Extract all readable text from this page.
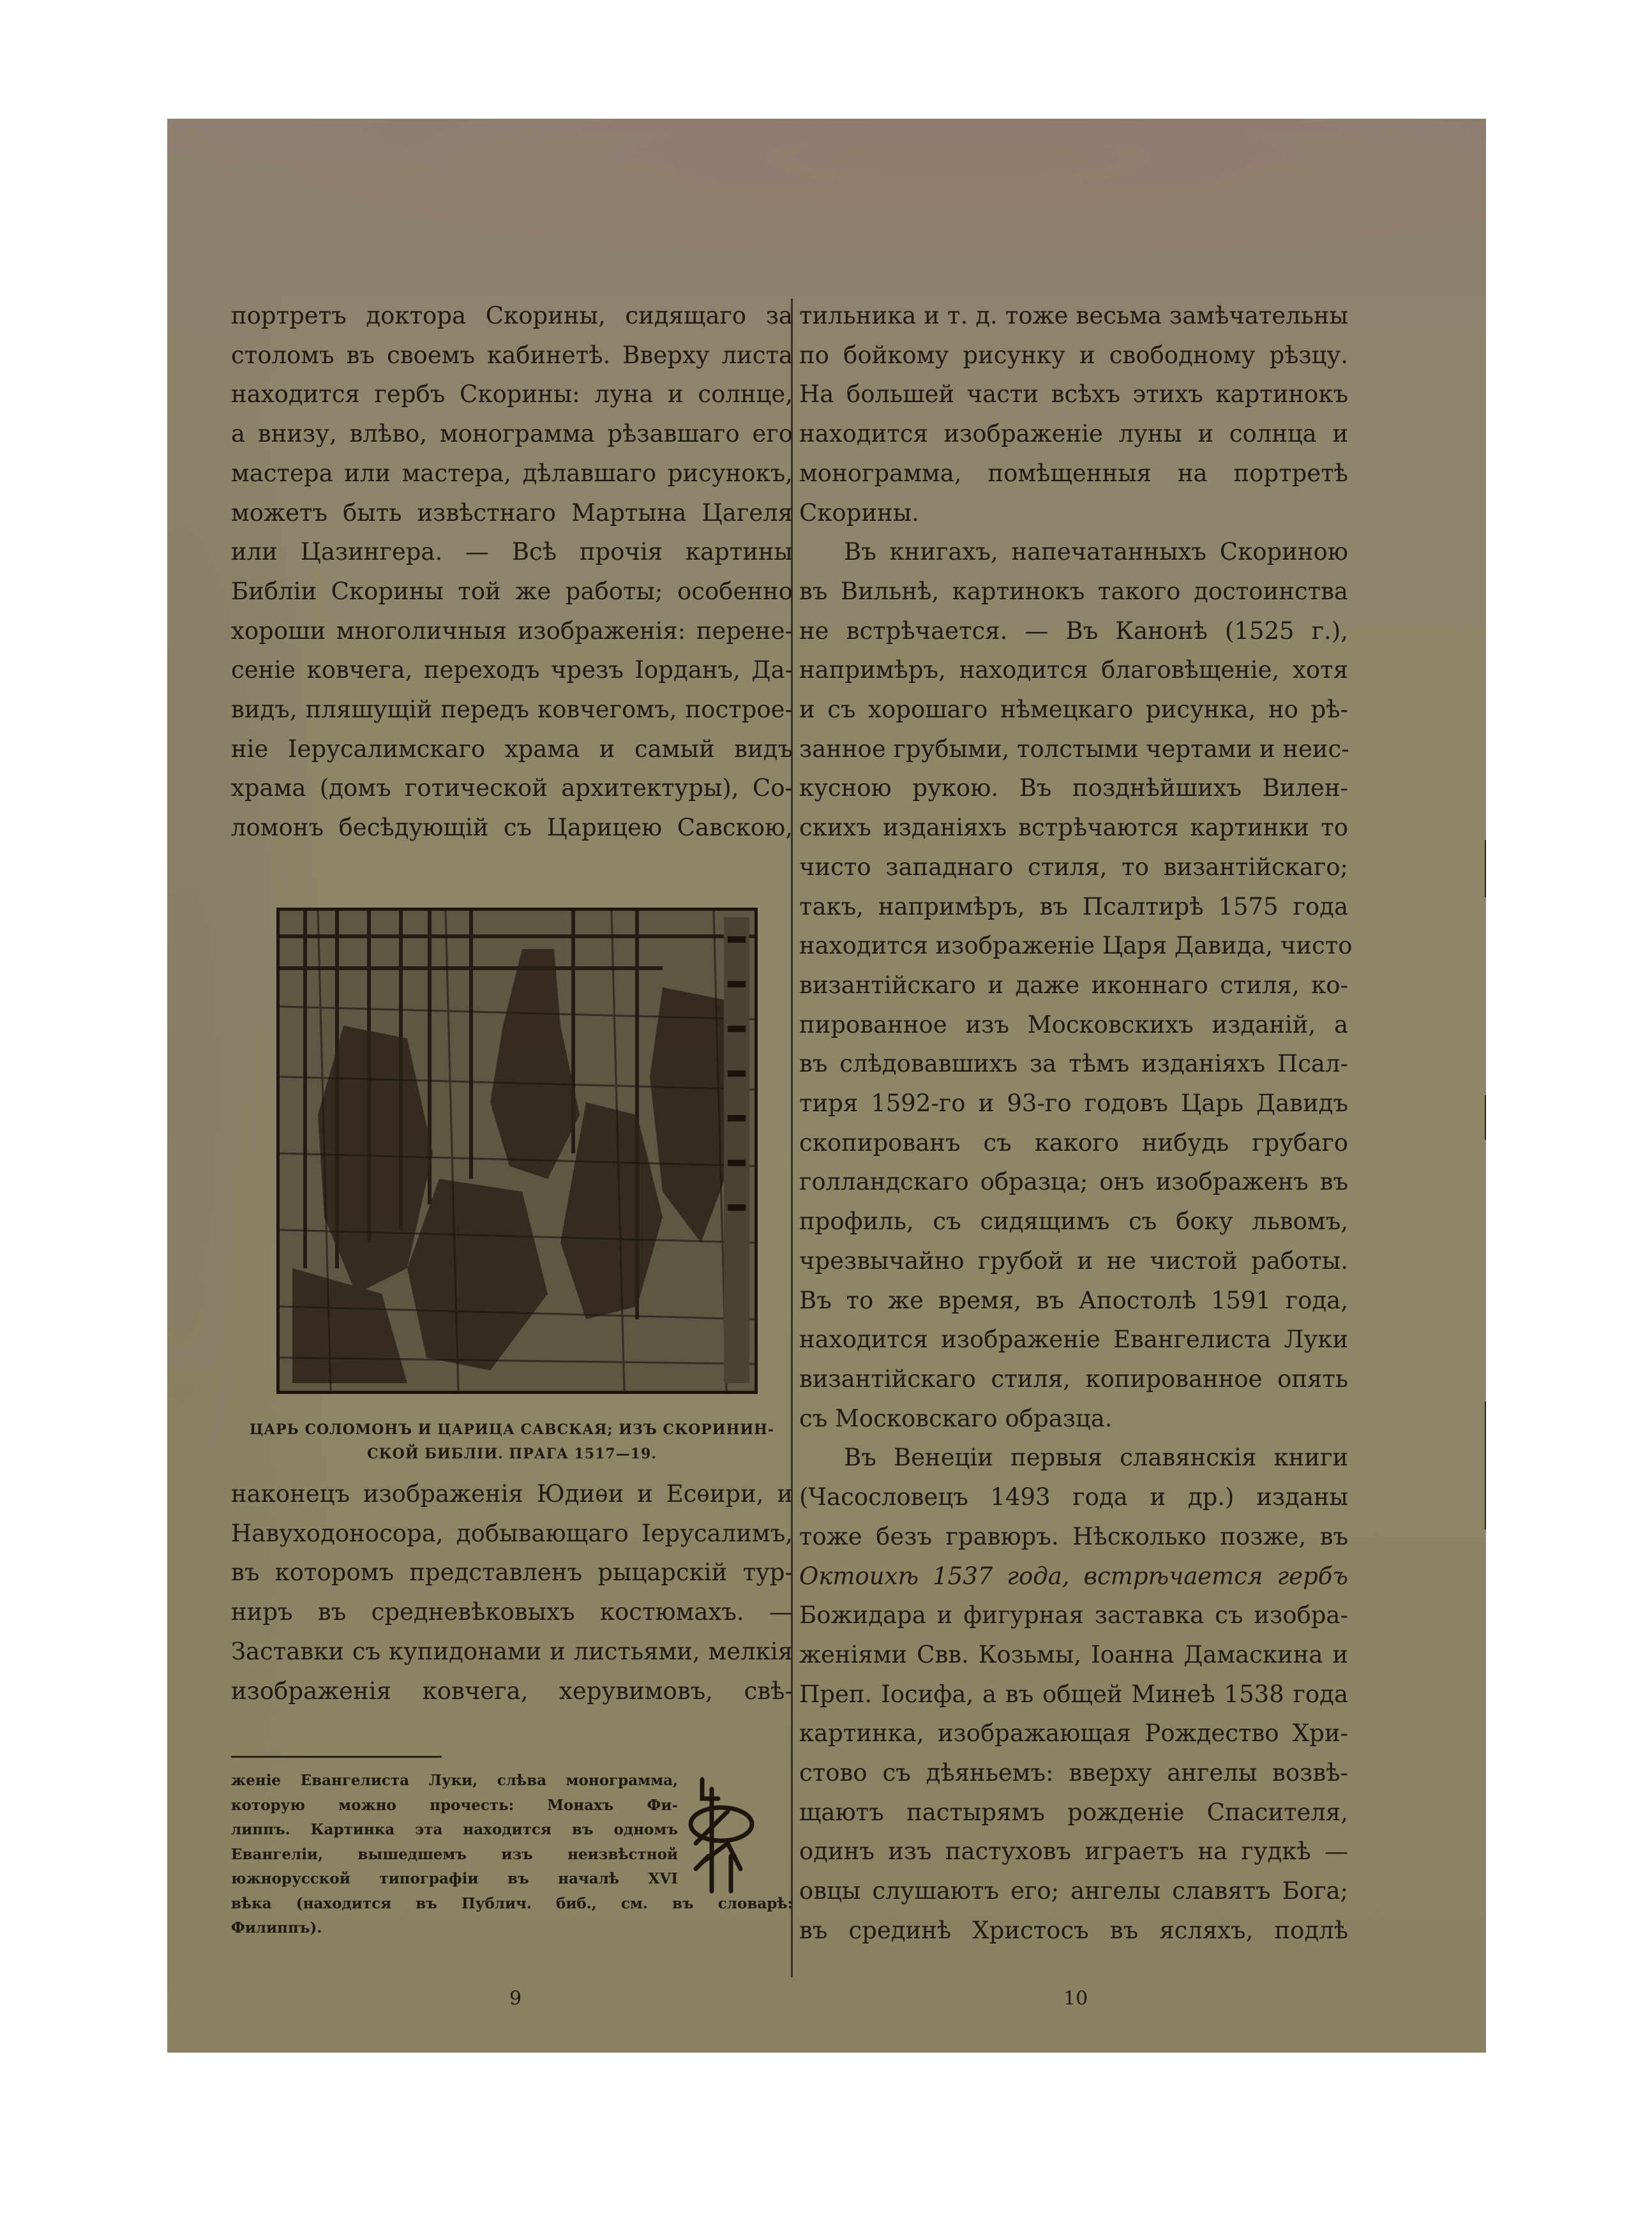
портретъ доктора Скорины, сидящаго за
столомъ въ своемъ кабинетѣ. Вверху листа
находится гербъ Скорины: луна и солнце,
а внизу, влѣво, монограмма рѣзавшаго его
мастера или мастера, дѣлавшаго рисунокъ,
можетъ быть извѣстнаго Мартына Цагеля
или Цазингера. — Всѣ прочія картины
Библіи Скорины той же работы; особенно
хороши многоличныя изображенія: перене-
сеніе ковчега, переходъ чрезъ Іорданъ, Да-
видъ, пляшущій передъ ковчегомъ, построе-
ніе Іерусалимскаго храма и самый видъ
храма (домъ готической архитектуры), Со-
ломонъ бесѣдующій съ Царицею Савскою,
ЦАРЬ СОЛОМОНЪ И ЦАРИЦА САВСКАЯ; ИЗЪ СКОРИНИН-
СКОЙ БИБЛІИ. ПРАГА 1517—19.
наконецъ изображенія Юдиѳи и Есѳири, и
Навуходоносора, добывающаго Іерусалимъ,
въ которомъ представленъ рыцарскій тур-
ниръ въ средневѣковыхъ костюмахъ. —
Заставки съ купидонами и листьями, мелкія
изображенія ковчега, херувимовъ, свѣ-
женіе Евангелиста Луки, слѣва монограмма,
которую можно прочесть: Монахъ Фи-
липпъ. Картинка эта находится въ одномъ
Евангеліи, вышедшемъ изъ неизвѣстной
южнорусской типографіи въ началѣ XVI
вѣка (находится въ Публич. биб., см. въ словарѣ:
Филиппъ).
тильника и т. д. тоже весьма замѣчательны
по бойкому рисунку и свободному рѣзцу.
На большей части всѣхъ этихъ картинокъ
находится изображеніе луны и солнца и
монограмма, помѣщенныя на портретѣ
Скорины.
Въ книгахъ, напечатанныхъ Скориною
въ Вильнѣ, картинокъ такого достоинства
не встрѣчается. — Въ Канонѣ (1525 г.),
напримѣръ, находится благовѣщеніе, хотя
и съ хорошаго нѣмецкаго рисунка, но рѣ-
занное грубыми, толстыми чертами и неис-
кусною рукою. Въ позднѣйшихъ Вилен-
скихъ изданіяхъ встрѣчаются картинки то
чисто западнаго стиля, то византійскаго;
такъ, напримѣръ, въ Псалтирѣ 1575 года
находится изображеніе Царя Давида, чисто
византійскаго и даже иконнаго стиля, ко-
пированное изъ Московскихъ изданій, а
въ слѣдовавшихъ за тѣмъ изданіяхъ Псал-
тиря 1592-го и 93-го годовъ Царь Давидъ
скопированъ съ какого нибудь грубаго
голландскаго образца; онъ изображенъ въ
профиль, съ сидящимъ съ боку львомъ,
чрезвычайно грубой и не чистой работы.
Въ то же время, въ Апостолѣ 1591 года,
находится изображеніе Евангелиста Луки
византійскаго стиля, копированное опять
съ Московскаго образца.
Въ Венеціи первыя славянскія книги
(Часословецъ 1493 года и др.) изданы
тоже безъ гравюръ. Нѣсколько позже, въ
Октоихѣ 1537 года, встрѣчается гербъ
Божидара и фигурная заставка съ изобра-
женіями Свв. Козьмы, Іоанна Дамаскина и
Преп. Іосифа, а въ общей Минеѣ 1538 года
картинка, изображающая Рождество Хри-
стово съ дѣяньемъ: вверху ангелы возвѣ-
щаютъ пастырямъ рожденіе Спасителя,
одинъ изъ пастуховъ играетъ на гудкѣ —
овцы слушаютъ его; ангелы славятъ Бога;
въ срединѣ Христосъ въ ясляхъ, подлѣ
9	10
